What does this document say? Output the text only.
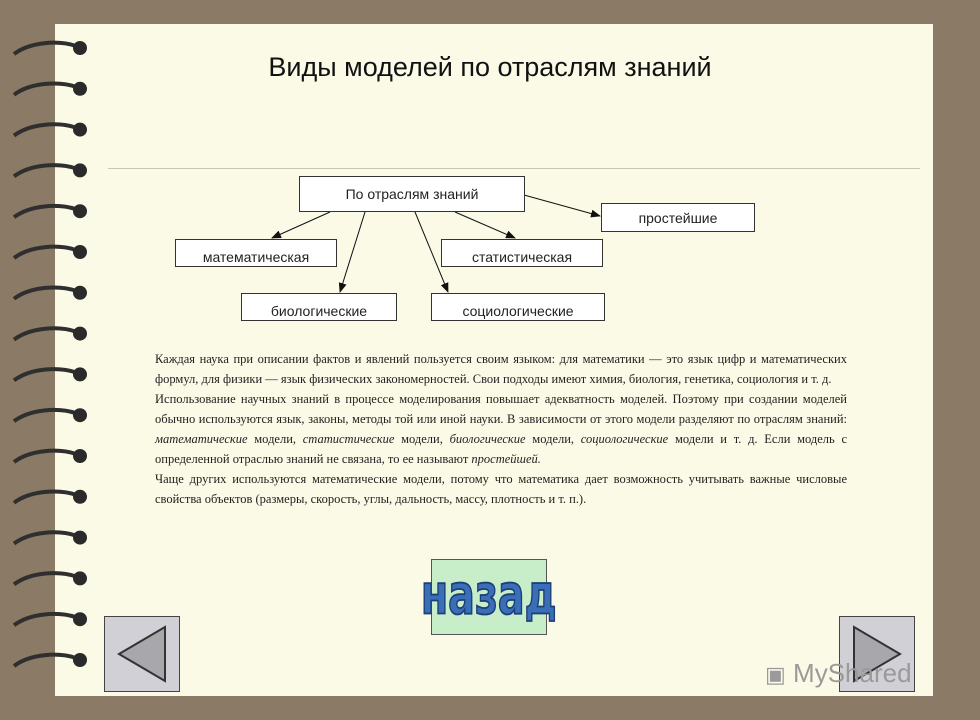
Виды моделей по отраслям знаний
По отраслям знаний
простейшие
математическая	статистическая
биологические	социологические

Каждая наука при описании фактов и явлений пользуется своим языком: для математики — это язык цифр и математических формул, для физики — язык физических закономерностей. Свои подходы имеют химия, биология, генетика, социология и т. д.

Использование научных знаний в процессе моделирования повышает адекватность моделей. Поэтому при создании моделей обычно используются язык, законы, методы той или иной науки. В зависимости от этого модели разделяют по отраслям знаний: математические модели, статистические модели, биологические модели, социологические модели и т. д. Если модель с определенной отраслью знаний не связана, то ее называют простейшей.

Чаще других используются математические модели, потому что математика дает возможность учитывать важные числовые свойства объектов (размеры, скорость, углы, дальность, массу, плотность и т. п.).

назад
▣ MyShared
